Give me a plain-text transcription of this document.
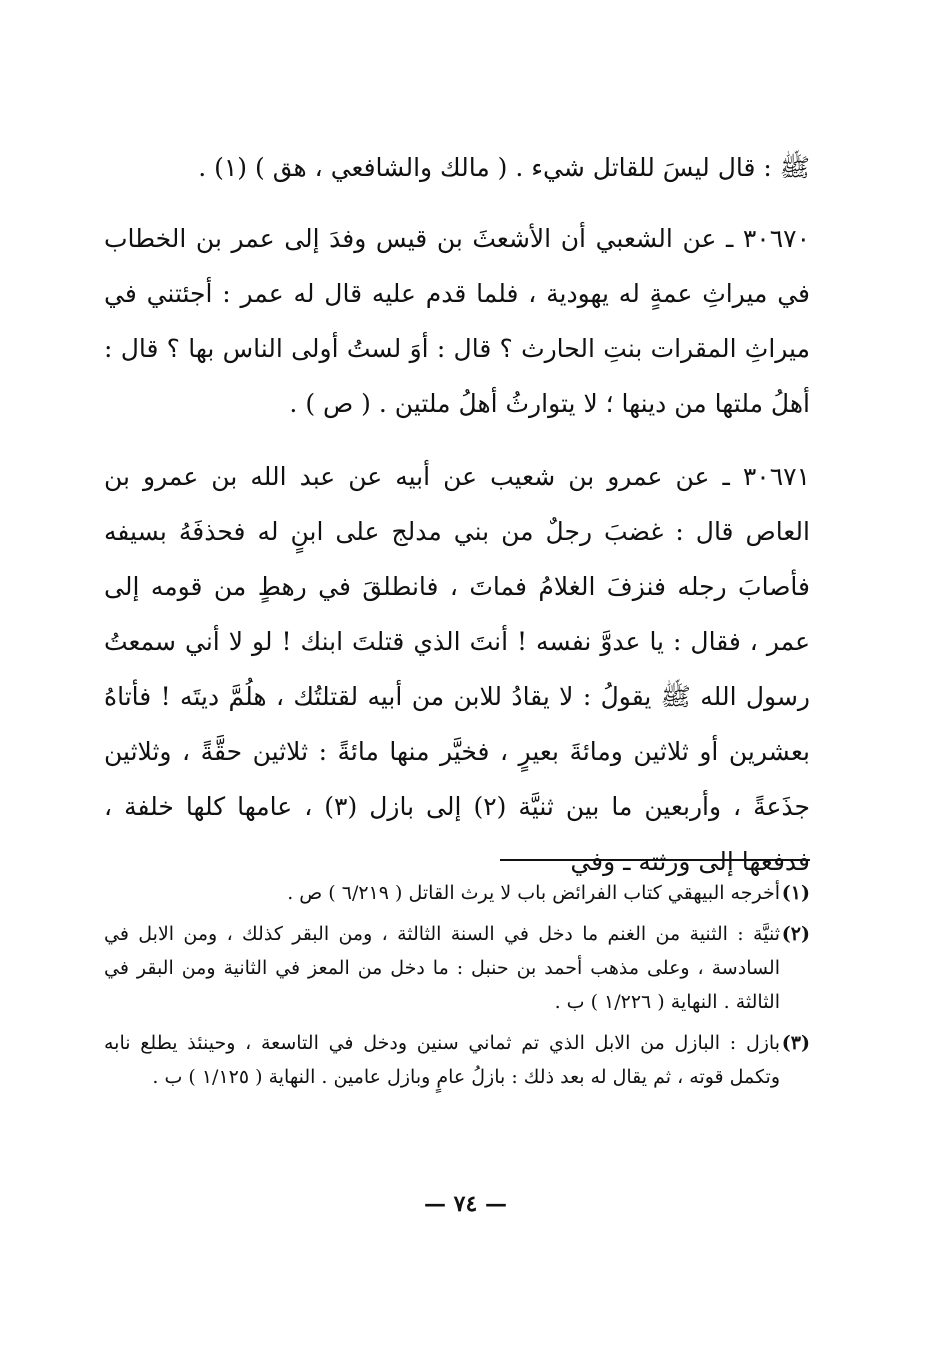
ﷺ : قال ليسَ للقاتل شيء . ( مالك والشافعي ، هق ) (١) .

٣٠٦٧٠ ـ عن الشعبي أن الأشعثَ بن قيس وفدَ إلى عمر بن الخطاب في ميراثِ عمةٍ له يهودية ، فلما قدم عليه قال له عمر : أجئتني في ميراثِ المقرات بنتِ الحارث ؟ قال : أوَ لستُ أولى الناس بها ؟ قال : أهلُ ملتها من دينها ؛ لا يتوارثُ أهلُ ملتين . ( ص ) .

٣٠٦٧١ ـ عن عمرو بن شعيب عن أبيه عن عبد الله بن عمرو بن العاص قال : غضبَ رجلٌ من بني مدلج على ابنٍ له فحذفَهُ بسيفه فأصابَ رجله فنزفَ الغلامُ فماتَ ، فانطلقَ في رهطٍ من قومه إلى عمر ، فقال : يا عدوَّ نفسه ! أنتَ الذي قتلتَ ابنك ! لو لا أني سمعتُ رسول الله ﷺ يقولُ : لا يقادُ للابن من أبيه لقتلتُك ، هلُمَّ ديتَه ! فأتاهُ بعشرين أو ثلاثين ومائةَ بعيرٍ ، فخيَّر منها مائةً : ثلاثين حقَّةً ، وثلاثين جذَعةً ، وأربعين ما بين ثنيَّة (٢) إلى بازل (٣) ، عامها كلها خلفة ، فدفعها إلى ورثته ـ وفي

(١)
أخرجه البيهقي كتاب الفرائض باب لا يرث القاتل ( ٦/٢١٩ ) ص .
(٢)
ثنيَّة : الثنية من الغنم ما دخل في السنة الثالثة ، ومن البقر كذلك ، ومن الابل في السادسة ، وعلى مذهب أحمد بن حنبل : ما دخل من المعز في الثانية ومن البقر في الثالثة . النهاية ( ١/٢٢٦ ) ب .
(٣)
بازل : البازل من الابل الذي تم ثماني سنين ودخل في التاسعة ، وحينئذ يطلع نابه وتكمل قوته ، ثم يقال له بعد ذلك : بازلُ عامٍ وبازل عامين . النهاية ( ١/١٢٥ ) ب .
— ٧٤ —
